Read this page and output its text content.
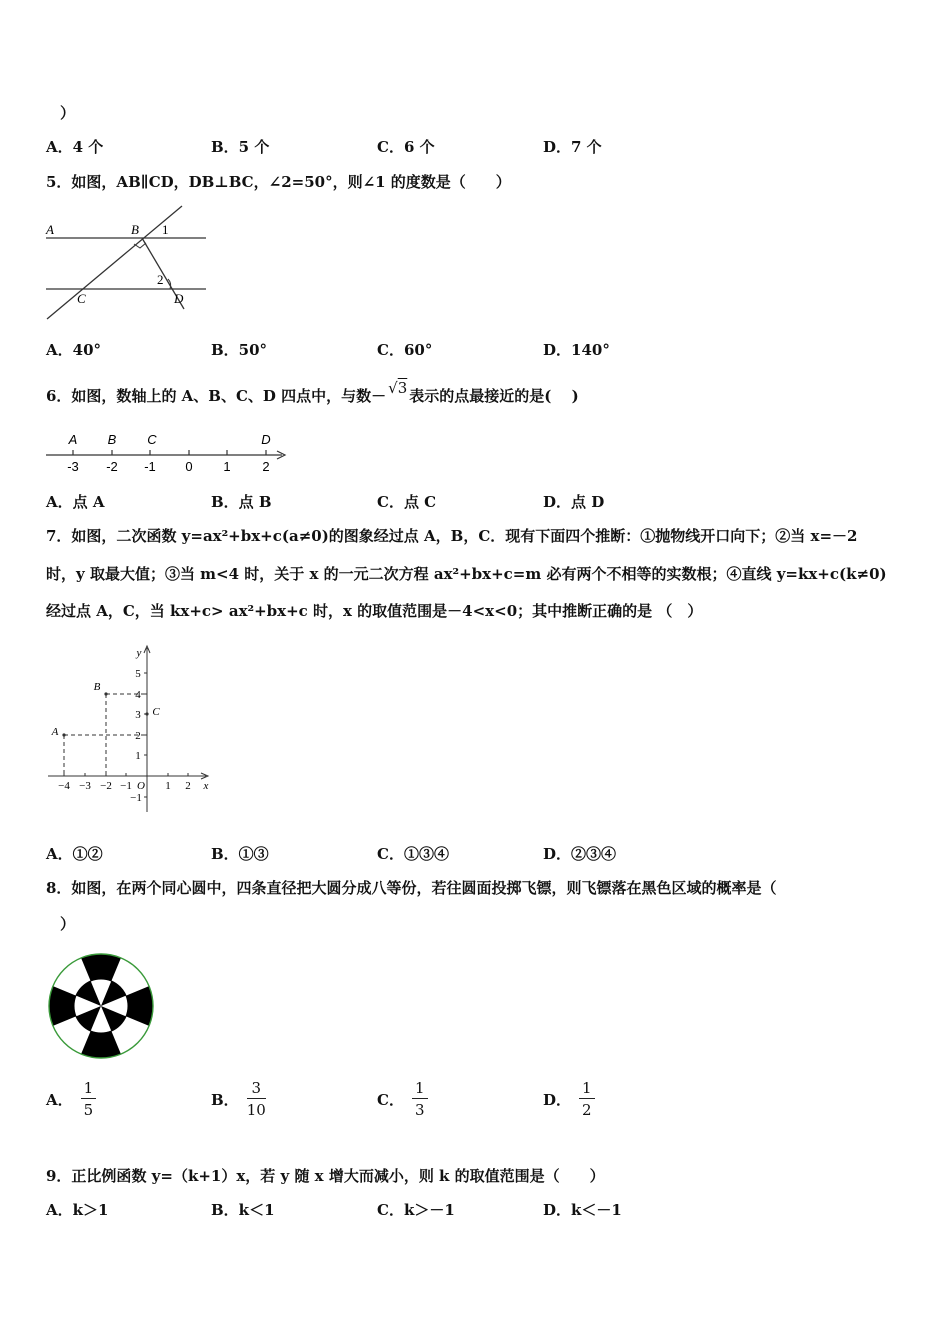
）
A．4 个	B．5 个	C．6 个	D．7 个
5．如图，AB∥CD，DB⊥BC，∠2=50°，则∠1 的度数是（　　）
A	B 1
2
C	D
A．40°	B．50°	C．60°	D．140°
6．如图，数轴上的 A、B、C、D 四点中，与数－ √3 表示的点最接近的是(　 )
-3 -2 -1 0 1 2
A B C	D
A．点 A	B．点 B	C．点 C	D．点 D
7．如图，二次函数 y=ax²+bx+c(a≠0)的图象经过点 A，B，C．现有下面四个推断：①抛物线开口向下；②当 x=－2
时，y 取最大值；③当 m<4 时，关于 x 的一元二次方程 ax²+bx+c=m 必有两个不相等的实数根；④直线 y=kx+c(k≠0)
经过点 A，C，当 kx+c> ax²+bx+c 时，x 的取值范围是－4<x<0；其中推断正确的是 （　）
5
4
3
2
1
−1
−4 −3 −2 −1 O 1 2 x
y
A
B
C
A．①②	B．①③	C．①③④	D．②③④
8．如图，在两个同心圆中，四条直径把大圆分成八等份，若往圆面投掷飞镖，则飞镖落在黑色区域的概率是（
）
A． $\frac{1}{5}$	B． $\frac{3}{10}$	C． $\frac{1}{3}$	D． $\frac{1}{2}$
9．正比例函数 y=（k+1）x，若 y 随 x 增大而减小，则 k 的取值范围是（　　）
A．k＞1	B．k＜1	C．k＞－1	D．k＜－1
